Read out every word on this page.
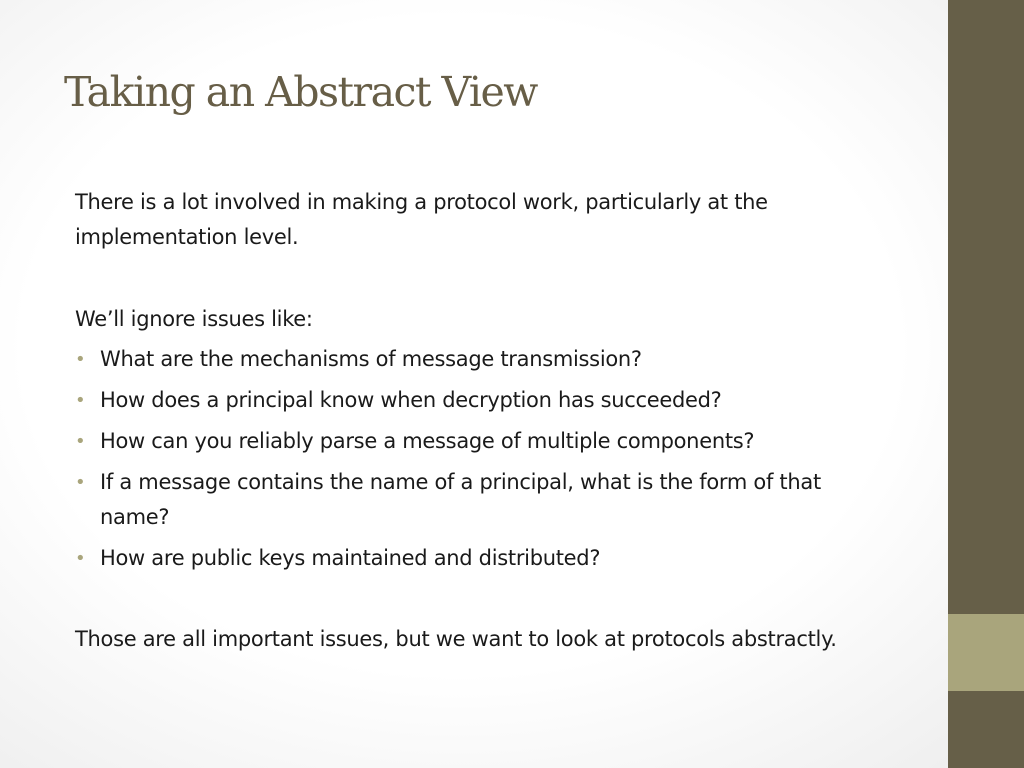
Taking an Abstract View

There is a lot involved in making a protocol work, particularly at the implementation level.

We’ll ignore issues like:

• What are the mechanisms of message transmission?
• How does a principal know when decryption has succeeded?
• How can you reliably parse a message of multiple components?
• If a message contains the name of a principal, what is the form of that name?
• How are public keys maintained and distributed?

Those are all important issues, but we want to look at protocols abstractly.
